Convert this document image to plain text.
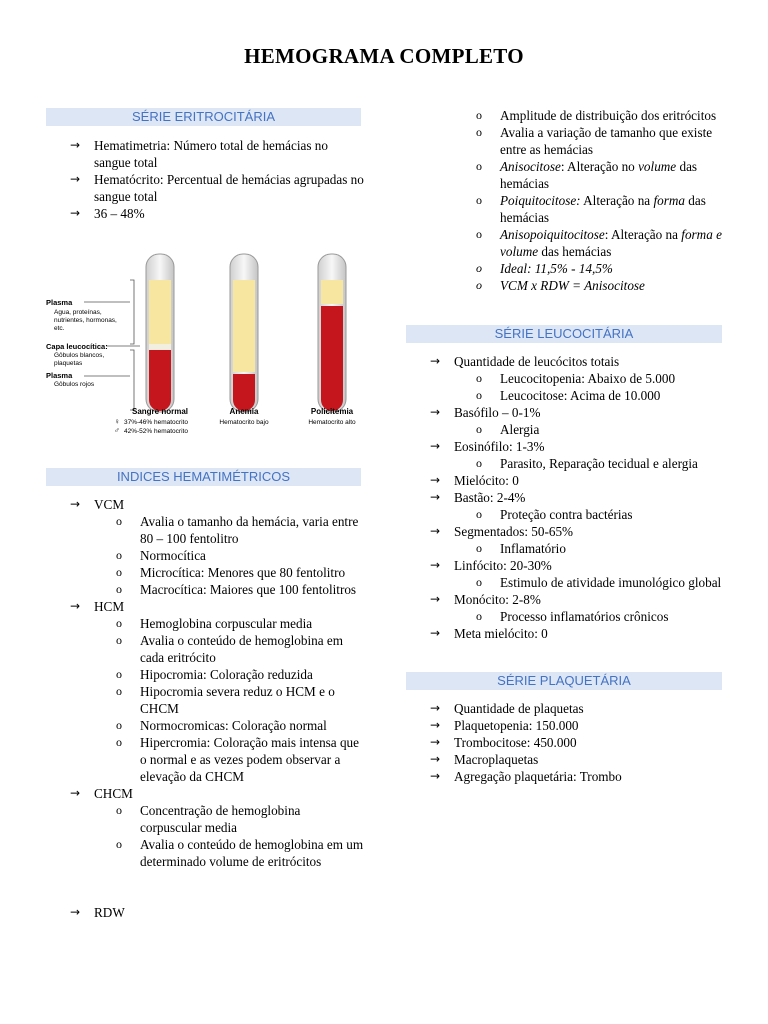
HEMOGRAMA COMPLETO
SÉRIE ERITROCITÁRIA
→ Hematimetria: Número total de hemácias no sangue total
→ Hematócrito: Percentual de hemácias agrupadas no sangue total
→ 36 – 48%
Plasma
Agua, proteínas,
nutrientes, hormonas,
etc.
Capa leucocítica:
Gôbulos blancos,
plaquetas
Plasma
Gôbulos rojos
Sangre normal
♀ 37%-46% hematocrito
♂ 42%-52% hematocrito
Anemia
Hematocrito bajo
Policitemia
Hematocrito alto
INDICES HEMATIMÉTRICOS
→ VCM
o Avalia o tamanho da hemácia, varia entre 80 – 100 fentolitro
o Normocítica
o Microcítica: Menores que 80 fentolitro
o Macrocítica: Maiores que 100 fentolitros
→ HCM
o Hemoglobina corpuscular media
o Avalia o conteúdo de hemoglobina em cada eritrócito
o Hipocromia: Coloração reduzida
o Hipocromia severa reduz o HCM e o CHCM
o Normocromicas: Coloração normal
o Hipercromia: Coloração mais intensa que o normal e as vezes podem observar a elevação da CHCM
→ CHCM
o Concentração de hemoglobina corpuscular media
o Avalia o conteúdo de hemoglobina em um determinado volume de eritrócitos
→ RDW
o Amplitude de distribuição dos eritrócitos
o Avalia a variação de tamanho que existe entre as hemácias
o Anisocitose: Alteração no volume das hemácias
o Poiquitocitose: Alteração na forma das hemácias
o Anisopoiquitocitose: Alteração na forma e volume das hemácias
o Ideal: 11,5% - 14,5%
o VCM x RDW = Anisocitose
SÉRIE LEUCOCITÁRIA
→ Quantidade de leucócitos totais
o Leucocitopenia: Abaixo de 5.000
o Leucocitose: Acima de 10.000
→ Basófilo – 0-1%
o Alergia
→ Eosinófilo: 1-3%
o Parasito, Reparação tecidual e alergia
→ Mielócito: 0
→ Bastão: 2-4%
o Proteção contra bactérias
→ Segmentados: 50-65%
o Inflamatório
→ Linfócito: 20-30%
o Estimulo de atividade imunológico global
→ Monócito: 2-8%
o Processo inflamatórios crônicos
→ Meta mielócito: 0
SÉRIE PLAQUETÁRIA
→ Quantidade de plaquetas
→ Plaquetopenia: 150.000
→ Trombocitose: 450.000
→ Macroplaquetas
→ Agregação plaquetária: Trombo
